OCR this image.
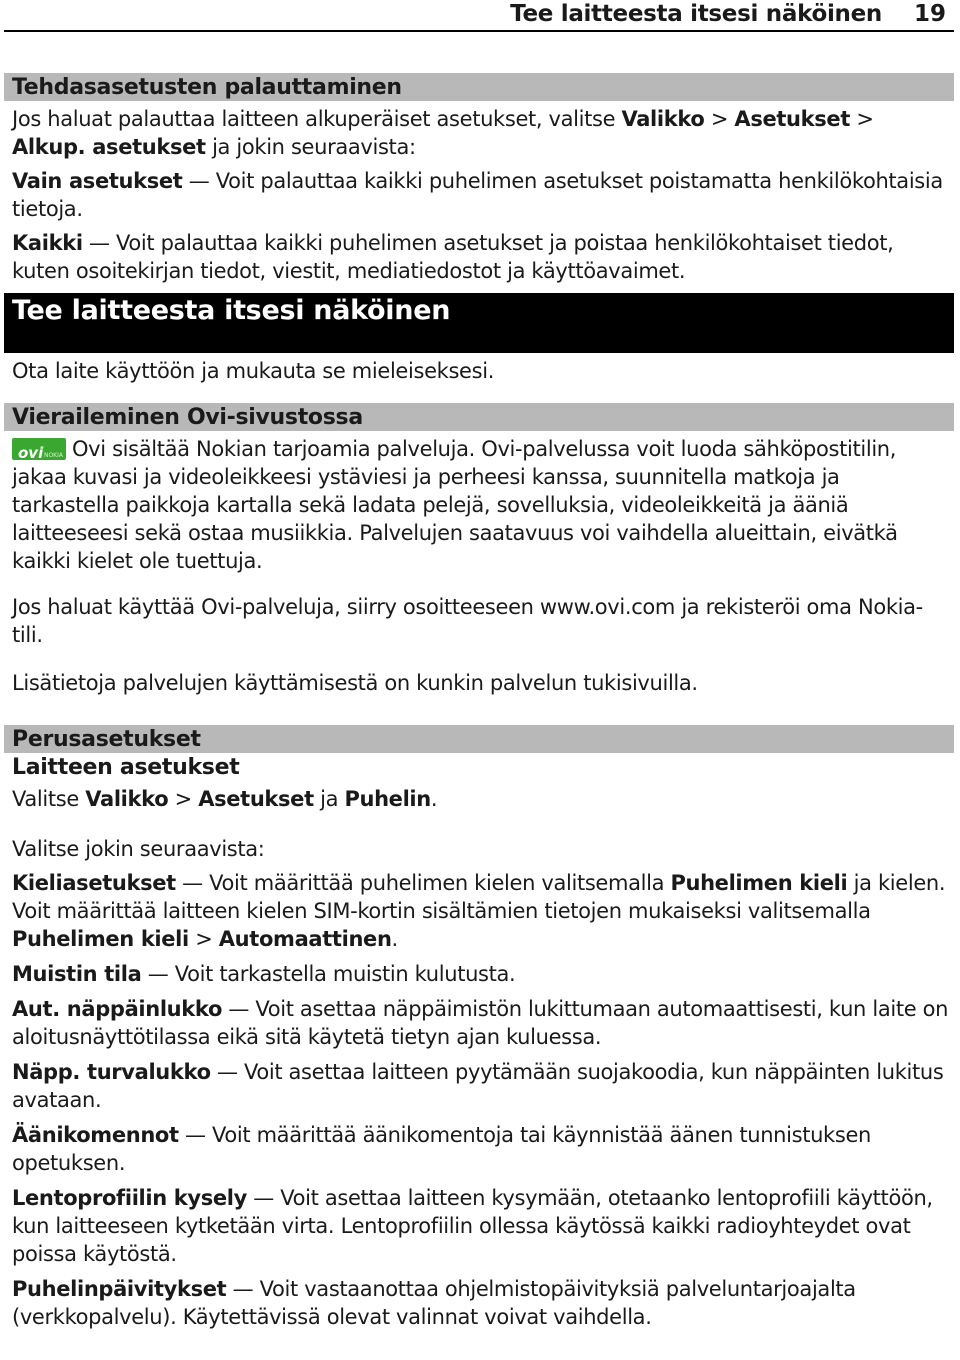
Tee laitteesta itsesi näköinen 19
Tehdasasetusten palauttaminen

Jos haluat palauttaa laitteen alkuperäiset asetukset, valitse Valikko > Asetukset > Alkup. asetukset ja jokin seuraavista:

Vain asetukset — Voit palauttaa kaikki puhelimen asetukset poistamatta henkilökohtaisia tietoja.

Kaikki — Voit palauttaa kaikki puhelimen asetukset ja poistaa henkilökohtaiset tiedot, kuten osoitekirjan tiedot, viestit, mediatiedostot ja käyttöavaimet.

Tee laitteesta itsesi näköinen

Ota laite käyttöön ja mukauta se mieleiseksesi.

Vieraileminen Ovi-sivustossa

ovi NOKIA Ovi sisältää Nokian tarjoamia palveluja. Ovi-palvelussa voit luoda sähköpostitilin, jakaa kuvasi ja videoleikkeesi ystäviesi ja perheesi kanssa, suunnitella matkoja ja tarkastella paikkoja kartalla sekä ladata pelejä, sovelluksia, videoleikkeitä ja ääniä laitteeseesi sekä ostaa musiikkia. Palvelujen saatavuus voi vaihdella alueittain, eivätkä kaikki kielet ole tuettuja.

Jos haluat käyttää Ovi-palveluja, siirry osoitteeseen www.ovi.com ja rekisteröi oma Nokia-tili.

Lisätietoja palvelujen käyttämisestä on kunkin palvelun tukisivuilla.

Perusasetukset
Laitteen asetukset

Valitse Valikko > Asetukset ja Puhelin.

Valitse jokin seuraavista:

Kieliasetukset — Voit määrittää puhelimen kielen valitsemalla Puhelimen kieli ja kielen. Voit määrittää laitteen kielen SIM-kortin sisältämien tietojen mukaiseksi valitsemalla Puhelimen kieli > Automaattinen.

Muistin tila — Voit tarkastella muistin kulutusta.

Aut. näppäinlukko — Voit asettaa näppäimistön lukittumaan automaattisesti, kun laite on aloitusnäyttötilassa eikä sitä käytetä tietyn ajan kuluessa.

Näpp. turvalukko — Voit asettaa laitteen pyytämään suojakoodia, kun näppäinten lukitus avataan.

Äänikomennot — Voit määrittää äänikomentoja tai käynnistää äänen tunnistuksen opetuksen.

Lentoprofiilin kysely — Voit asettaa laitteen kysymään, otetaanko lentoprofiili käyttöön, kun laitteeseen kytketään virta. Lentoprofiilin ollessa käytössä kaikki radioyhteydet ovat poissa käytöstä.

Puhelinpäivitykset — Voit vastaanottaa ohjelmistopäivityksiä palveluntarjoajalta (verkkopalvelu). Käytettävissä olevat valinnat voivat vaihdella.
